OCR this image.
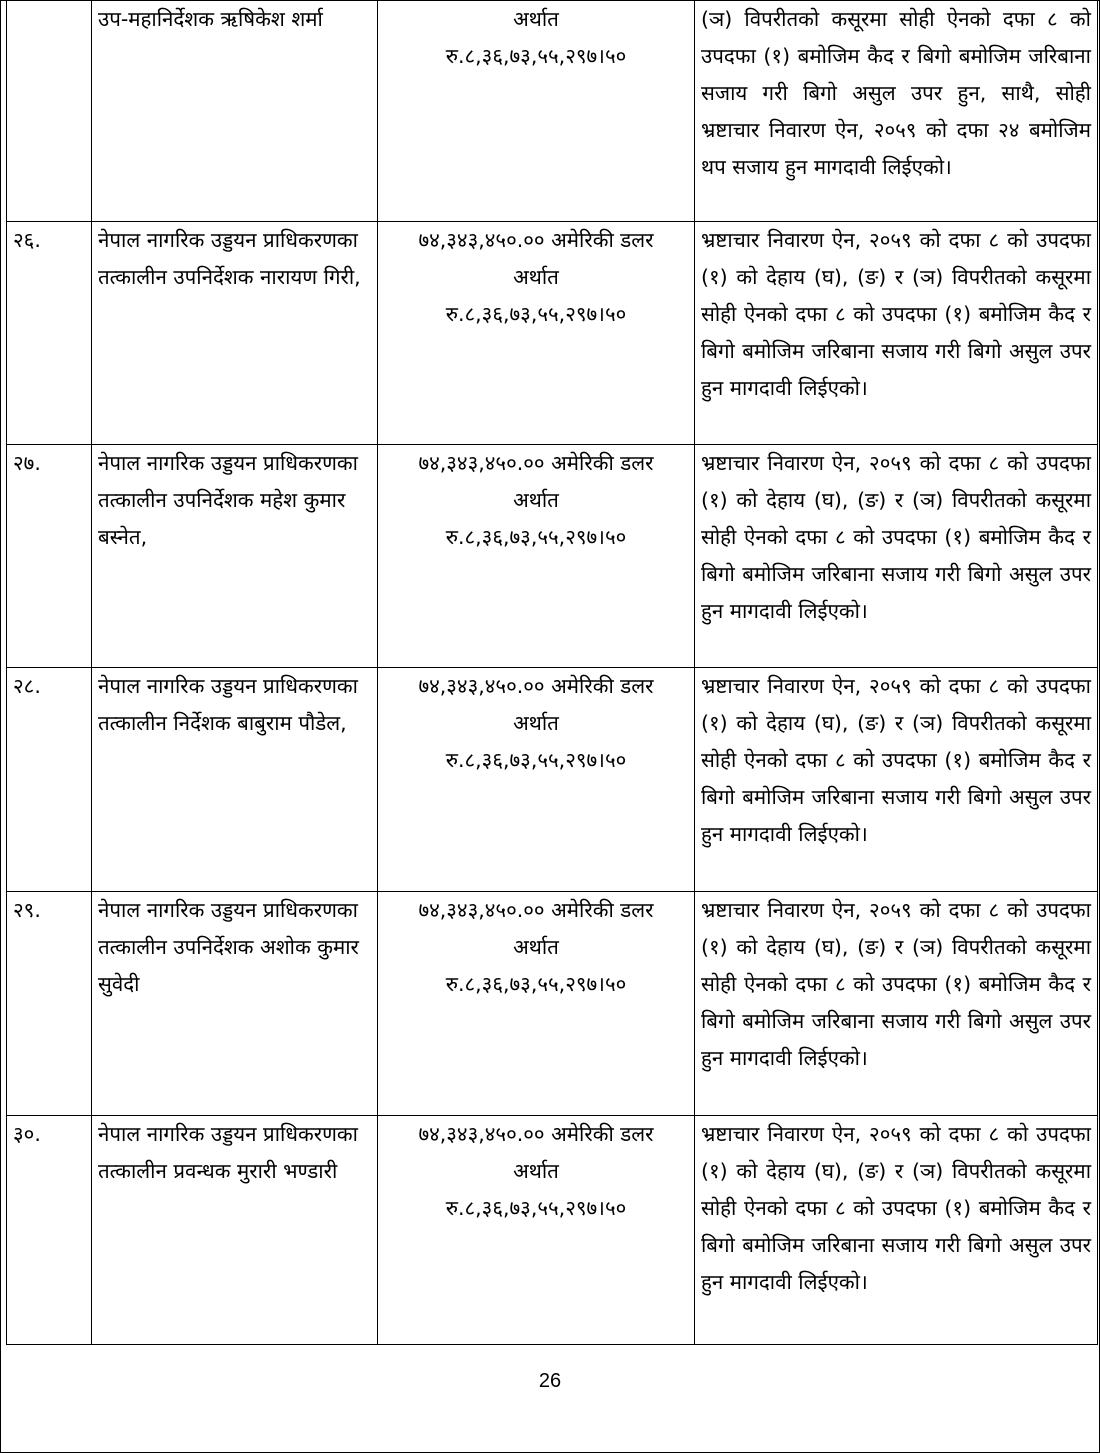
	उप-महानिर्देशक ऋषिकेश शर्मा	अर्थात
रु.८,३६,७३,५५,२९७।५०	(ञ) विपरीतको कसूरमा सोही ऐनको दफा ८ को उपदफा (१) बमोजिम कैद र बिगो बमोजिम जरिबाना सजाय गरी बिगो असुल उपर हुन, साथै, सोही भ्रष्टाचार निवारण ऐन, २०५९ को दफा २४ बमोजिम थप सजाय हुन मागदावी लिईएको।
२६.	नेपाल नागरिक उड्डयन प्राधिकरणका तत्कालीन उपनिर्देशक नारायण गिरी,	७४,३४३,४५०.०० अमेरिकी डलर
अर्थात
रु.८,३६,७३,५५,२९७।५०	भ्रष्टाचार निवारण ऐन, २०५९ को दफा ८ को उपदफा (१) को देहाय (घ), (ङ) र (ञ) विपरीतको कसूरमा सोही ऐनको दफा ८ को उपदफा (१) बमोजिम कैद र बिगो बमोजिम जरिबाना सजाय गरी बिगो असुल उपर हुन मागदावी लिईएको।
२७.	नेपाल नागरिक उड्डयन प्राधिकरणका तत्कालीन उपनिर्देशक महेश कुमार बस्नेत,	७४,३४३,४५०.०० अमेरिकी डलर
अर्थात
रु.८,३६,७३,५५,२९७।५०	भ्रष्टाचार निवारण ऐन, २०५९ को दफा ८ को उपदफा (१) को देहाय (घ), (ङ) र (ञ) विपरीतको कसूरमा सोही ऐनको दफा ८ को उपदफा (१) बमोजिम कैद र बिगो बमोजिम जरिबाना सजाय गरी बिगो असुल उपर हुन मागदावी लिईएको।
२८.	नेपाल नागरिक उड्डयन प्राधिकरणका तत्कालीन निर्देशक बाबुराम पौडेल,	७४,३४३,४५०.०० अमेरिकी डलर
अर्थात
रु.८,३६,७३,५५,२९७।५०	भ्रष्टाचार निवारण ऐन, २०५९ को दफा ८ को उपदफा (१) को देहाय (घ), (ङ) र (ञ) विपरीतको कसूरमा सोही ऐनको दफा ८ को उपदफा (१) बमोजिम कैद र बिगो बमोजिम जरिबाना सजाय गरी बिगो असुल उपर हुन मागदावी लिईएको।
२९.	नेपाल नागरिक उड्डयन प्राधिकरणका तत्कालीन उपनिर्देशक अशोक कुमार सुवेदी	७४,३४३,४५०.०० अमेरिकी डलर
अर्थात
रु.८,३६,७३,५५,२९७।५०	भ्रष्टाचार निवारण ऐन, २०५९ को दफा ८ को उपदफा (१) को देहाय (घ), (ङ) र (ञ) विपरीतको कसूरमा सोही ऐनको दफा ८ को उपदफा (१) बमोजिम कैद र बिगो बमोजिम जरिबाना सजाय गरी बिगो असुल उपर हुन मागदावी लिईएको।
३०.	नेपाल नागरिक उड्डयन प्राधिकरणका तत्कालीन प्रवन्धक मुरारी भण्डारी	७४,३४३,४५०.०० अमेरिकी डलर
अर्थात
रु.८,३६,७३,५५,२९७।५०	भ्रष्टाचार निवारण ऐन, २०५९ को दफा ८ को उपदफा (१) को देहाय (घ), (ङ) र (ञ) विपरीतको कसूरमा सोही ऐनको दफा ८ को उपदफा (१) बमोजिम कैद र बिगो बमोजिम जरिबाना सजाय गरी बिगो असुल उपर हुन मागदावी लिईएको।
26
